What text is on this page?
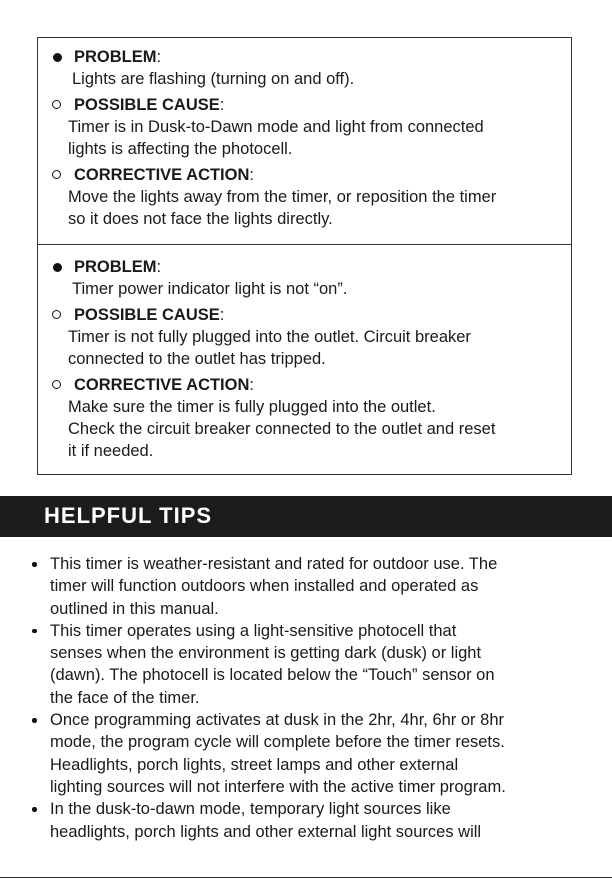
PROBLEM:
Lights are flashing (turning on and off).
POSSIBLE CAUSE:
Timer is in Dusk-to-Dawn mode and light from connected
lights is affecting the photocell.
CORRECTIVE ACTION:
Move the lights away from the timer, or reposition the timer
so it does not face the lights directly.
PROBLEM:
Timer power indicator light is not “on”.
POSSIBLE CAUSE:
Timer is not fully plugged into the outlet. Circuit breaker
connected to the outlet has tripped.
CORRECTIVE ACTION:
Make sure the timer is fully plugged into the outlet.
Check the circuit breaker connected to the outlet and reset
it if needed.
HELPFUL TIPS
This timer is weather-resistant and rated for outdoor use. The
timer will function outdoors when installed and operated as
outlined in this manual.
This timer operates using a light-sensitive photocell that
senses when the environment is getting dark (dusk) or light
(dawn). The photocell is located below the “Touch” sensor on
the face of the timer.
Once programming activates at dusk in the 2hr, 4hr, 6hr or 8hr
mode, the program cycle will complete before the timer resets.
Headlights, porch lights, street lamps and other external
lighting sources will not interfere with the active timer program.
In the dusk-to-dawn mode, temporary light sources like
headlights, porch lights and other external light sources will
